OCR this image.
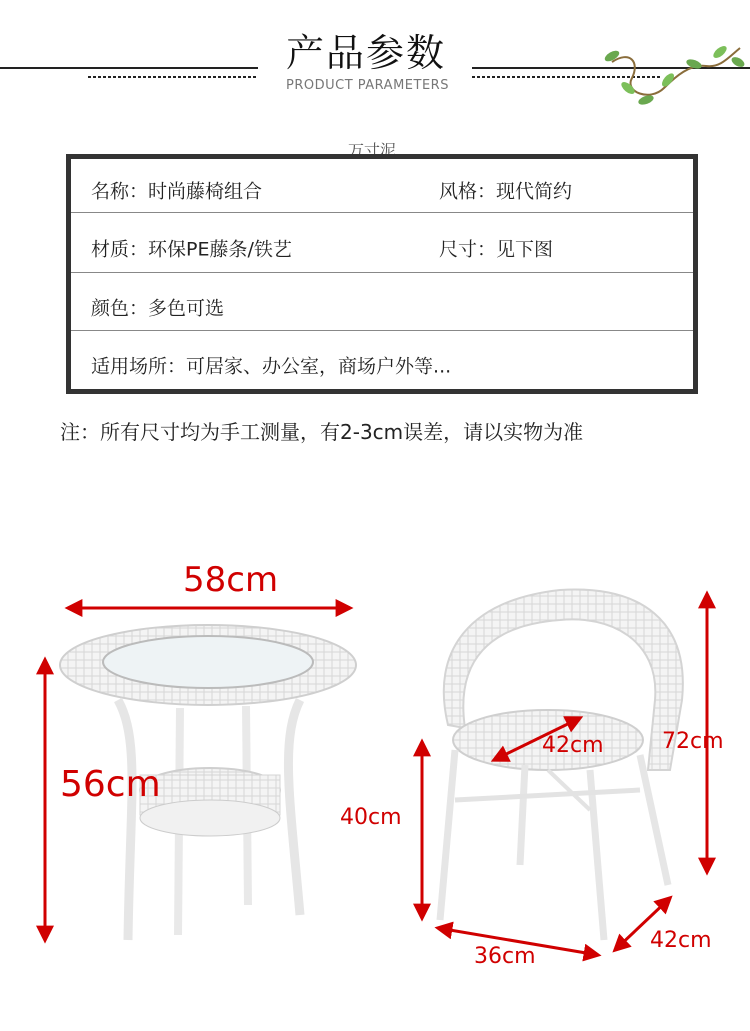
产品参数
PRODUCT PARAMETERS
万寸泥
名称：时尚藤椅组合	风格：现代简约
材质：环保PE藤条/铁艺	尺寸：见下图
颜色：多色可选
适用场所：可居家、办公室，商场户外等...
注：所有尺寸均为手工测量，有2-3cm误差，请以实物为准
58cm
56cm
42cm	72cm
40cm
36cm
42cm
